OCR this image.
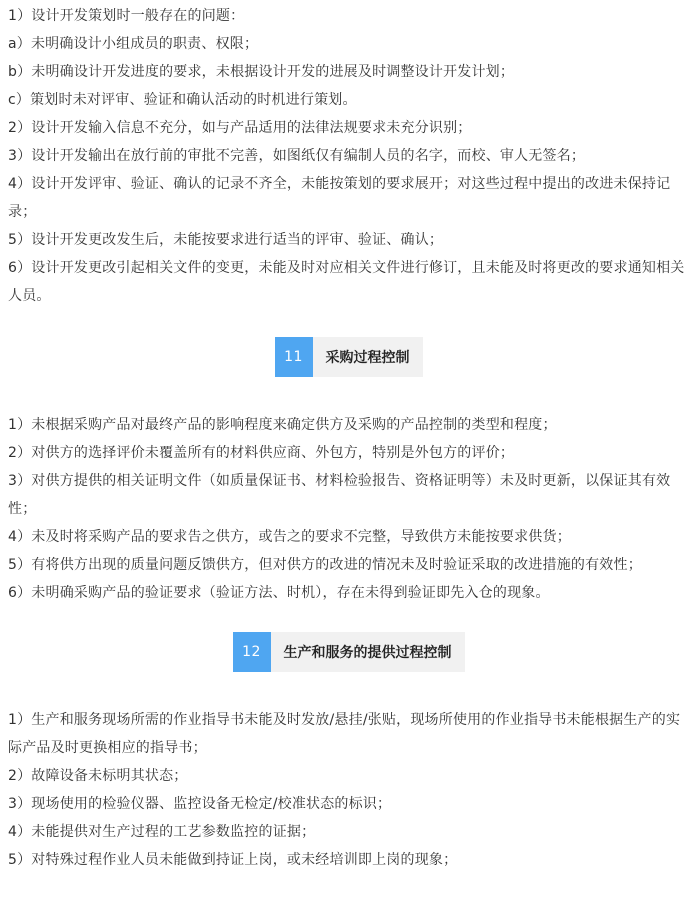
1）设计开发策划时一般存在的问题：

a）未明确设计小组成员的职责、权限；

b）未明确设计开发进度的要求，未根据设计开发的进展及时调整设计开发计划；

c）策划时未对评审、验证和确认活动的时机进行策划。

2）设计开发输入信息不充分，如与产品适用的法律法规要求未充分识别；

3）设计开发输出在放行前的审批不完善，如图纸仅有编制人员的名字，而校、审人无签名；

4）设计开发评审、验证、确认的记录不齐全，未能按策划的要求展开；对这些过程中提出的改进未保持记录；

5）设计开发更改发生后，未能按要求进行适当的评审、验证、确认；

6）设计开发更改引起相关文件的变更，未能及时对应相关文件进行修订，且未能及时将更改的要求通知相关人员。

11	采购过程控制

1）未根据采购产品对最终产品的影响程度来确定供方及采购的产品控制的类型和程度；

2）对供方的选择评价未覆盖所有的材料供应商、外包方，特别是外包方的评价；

3）对供方提供的相关证明文件（如质量保证书、材料检验报告、资格证明等）未及时更新，以保证其有效性；

4）未及时将采购产品的要求告之供方，或告之的要求不完整，导致供方未能按要求供货；

5）有将供方出现的质量问题反馈供方，但对供方的改进的情况未及时验证采取的改进措施的有效性；

6）未明确采购产品的验证要求（验证方法、时机），存在未得到验证即先入仓的现象。

12	生产和服务的提供过程控制

1）生产和服务现场所需的作业指导书未能及时发放/悬挂/张贴，现场所使用的作业指导书未能根据生产的实际产品及时更换相应的指导书；

2）故障设备未标明其状态；

3）现场使用的检验仪器、监控设备无检定/校准状态的标识；

4）未能提供对生产过程的工艺参数监控的证据；

5）对特殊过程作业人员未能做到持证上岗，或未经培训即上岗的现象；
